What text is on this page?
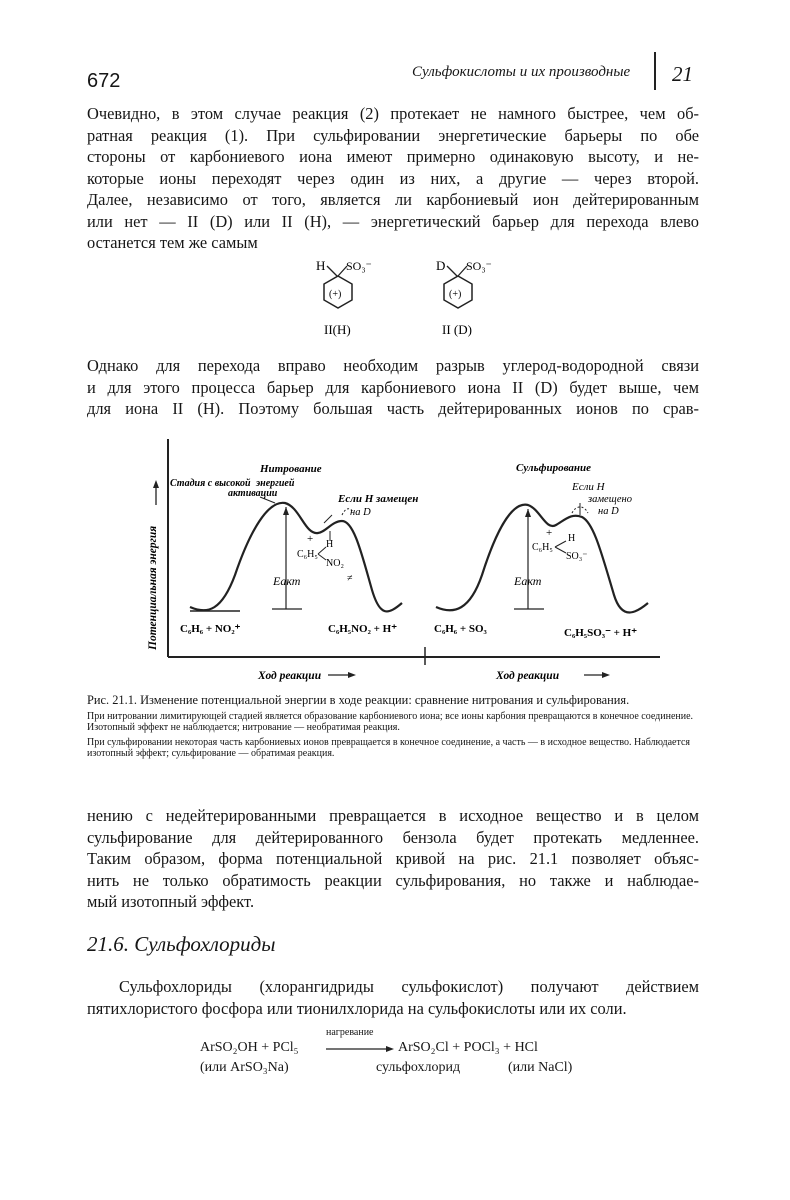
672	Сульфокислоты и их производные 21
Очевидно, в этом случае реакция (2) протекает не намного быстрее, чем об-
ратная реакция (1). При сульфировании энергетические барьеры по обе
стороны от карбониевого иона имеют примерно одинаковую высоту, и не-
которые ионы переходят через один из них, а другие — через второй.
Далее, независимо от того, является ли карбониевый ион дейтерированным
или нет — II (D) или II (H), — энергетический барьер для перехода влево
останется тем же самым
H SO₃⁻
(+)
II(H)
D SO₃⁻
(+)
II (D)
Однако для перехода вправо необходим разрыв углерод-водородной связи
и для этого процесса барьер для карбониевого иона II (D) будет выше, чем
для иона II (H). Поэтому большая часть дейтерированных ионов по срав-
Потенциальная энергия	Eакт	≠
Нитрование
Стадия с высокой энергией
активации	Если H замещен
на D
+ H
C₆H₅
NO₂
C₆H₆ + NO₂⁺	C₆H₅NO₂ + H⁺
Ход реакции
Eакт
Сульфирование
Если H
замещено
на D
+ H
C₆H₅
SO₃⁻
C₆H₆ + SO₃	C₆H₅SO₃⁻ + H⁺
Ход реакции
Рис. 21.1. Изменение потенциальной энергии в ходе реакции: сравнение нитрования и сульфирования.
При нитровании лимитирующей стадией является образование карбониевого иона; все ионы карбония превращаются в конечное соединение. Изотопный эффект не наблюдается; нитрование — необратимая реакция.
При сульфировании некоторая часть карбониевых ионов превращается в конечное соединение, а часть — в исходное вещество. Наблюдается изотопный эффект; сульфирование — обратимая реакция.
нению с недейтерированными превращается в исходное вещество и в целом
сульфирование для дейтерированного бензола будет протекать медленнее.
Таким образом, форма потенциальной кривой на рис. 21.1 позволяет объяс-
нить не только обратимость реакции сульфирования, но также и наблюдае-
мый изотопный эффект.
21.6. Сульфохлориды
Сульфохлориды (хлорангидриды сульфокислот) получают действием
пятихлористого фосфора или тионилхлорида на сульфокислоты или их соли.
ArSO₂OH + PCl₅
нагревание
ArSO₂Cl + POCl₃ + HCl
(или ArSO₃Na)	сульфохлорид	(или NaCl)
